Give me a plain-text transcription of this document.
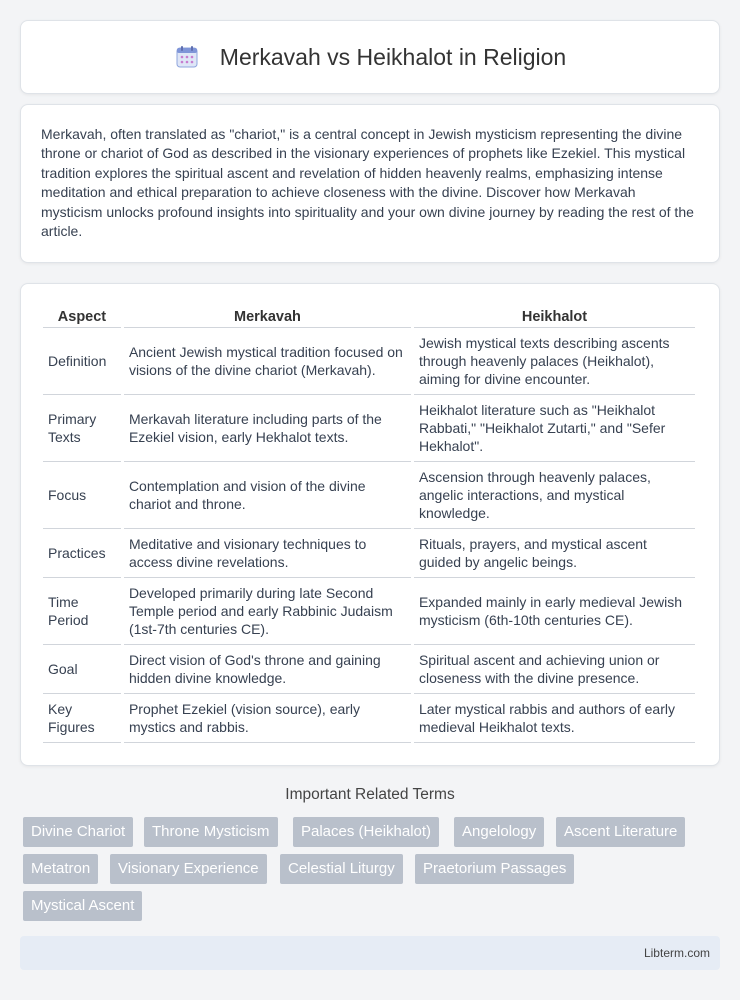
Merkavah vs Heikhalot in Religion

Merkavah, often translated as "chariot," is a central concept in Jewish mysticism representing the divine throne or chariot of God as described in the visionary experiences of prophets like Ezekiel. This mystical tradition explores the spiritual ascent and revelation of hidden heavenly realms, emphasizing intense meditation and ethical preparation to achieve closeness with the divine. Discover how Merkavah mysticism unlocks profound insights into spirituality and your own divine journey by reading the rest of the article.

Aspect	Merkavah	Heikhalot
Definition	Ancient Jewish mystical tradition focused on visions of the divine chariot (Merkavah).	Jewish mystical texts describing ascents through heavenly palaces (Heikhalot), aiming for divine encounter.
Primary Texts	Merkavah literature including parts of the Ezekiel vision, early Hekhalot texts.	Heikhalot literature such as "Heikhalot Rabbati," "Heikhalot Zutarti," and "Sefer Hekhalot".
Focus	Contemplation and vision of the divine chariot and throne.	Ascension through heavenly palaces, angelic interactions, and mystical knowledge.
Practices	Meditative and visionary techniques to access divine revelations.	Rituals, prayers, and mystical ascent guided by angelic beings.
Time Period	Developed primarily during late Second Temple period and early Rabbinic Judaism (1st-7th centuries CE).	Expanded mainly in early medieval Jewish mysticism (6th-10th centuries CE).
Goal	Direct vision of God's throne and gaining hidden divine knowledge.	Spiritual ascent and achieving union or closeness with the divine presence.
Key Figures	Prophet Ezekiel (vision source), early mystics and rabbis.	Later mystical rabbis and authors of early medieval Heikhalot texts.
Important Related Terms
Divine Chariot	Throne Mysticism	Palaces (Heikhalot)	Angelology	Ascent Literature
Metatron	Visionary Experience	Celestial Liturgy	Praetorium Passages
Mystical Ascent
Libterm.com
